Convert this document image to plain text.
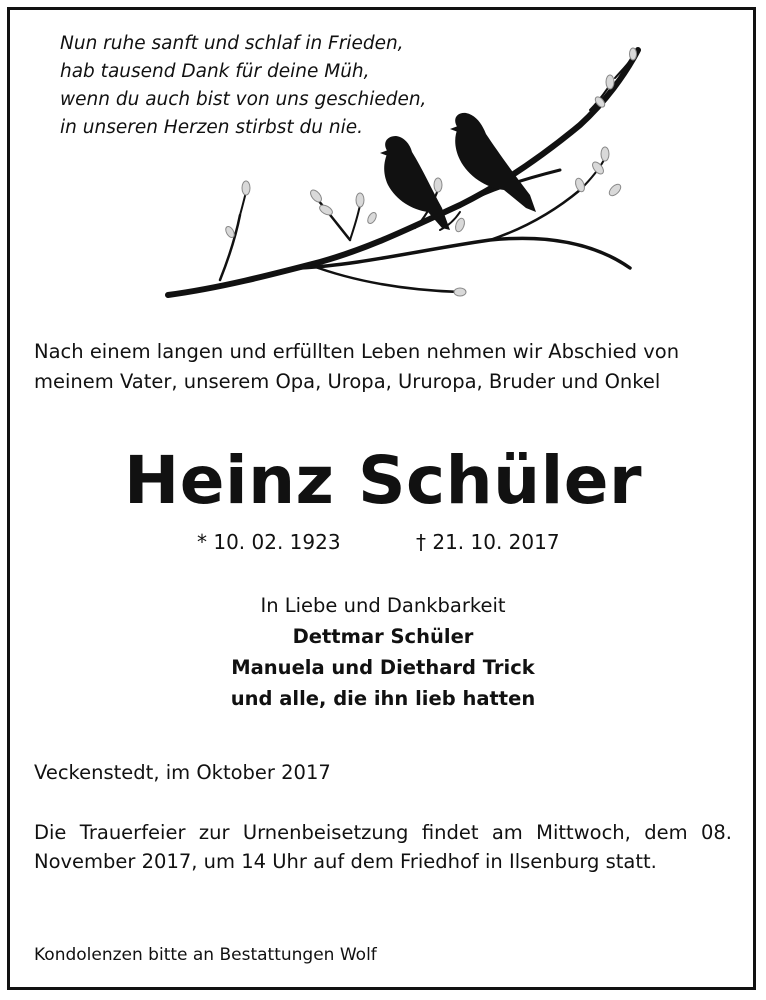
Nun ruhe sanft und schlaf in Frieden,
hab tausend Dank für deine Müh,
wenn du auch bist von uns geschieden,
in unseren Herzen stirbst du nie.
Nach einem langen und erfüllten Leben nehmen wir Abschied von
meinem Vater, unserem Opa, Uropa, Ururopa, Bruder und Onkel
Heinz Schüler
* 10. 02. 1923	† 21. 10. 2017
In Liebe und Dankbarkeit
Dettmar Schüler
Manuela und Diethard Trick
und alle, die ihn lieb hatten
Veckenstedt, im Oktober 2017
Die Trauerfeier zur Urnenbeisetzung findet am Mittwoch, dem 08. November 2017, um 14 Uhr auf dem Friedhof in Ilsenburg statt.
Kondolenzen bitte an Bestattungen Wolf
